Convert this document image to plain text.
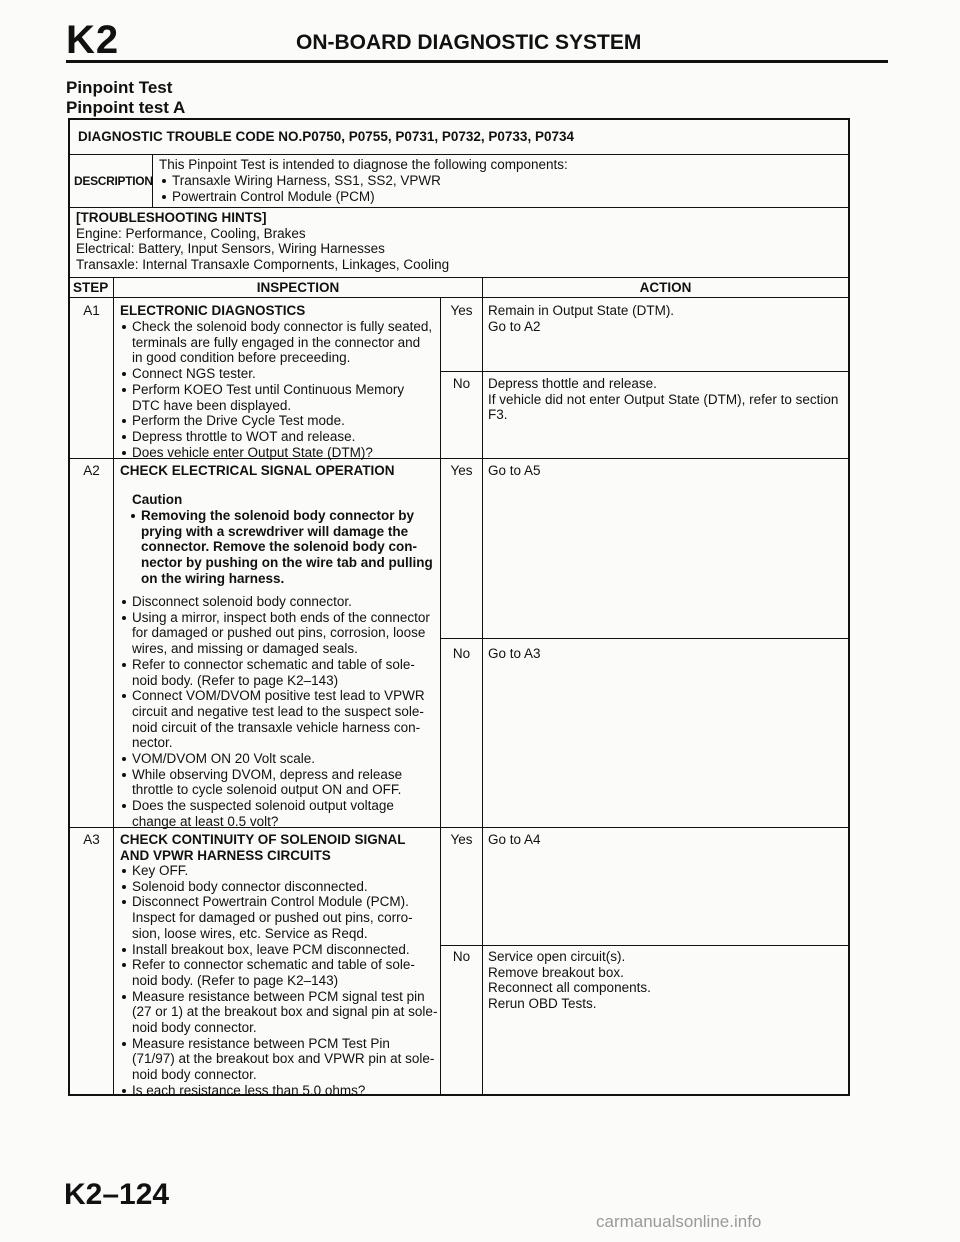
K2	ON-BOARD DIAGNOSTIC SYSTEM
Pinpoint Test
Pinpoint test A
DIAGNOSTIC TROUBLE CODE NO.P0750, P0755, P0731, P0732, P0733, P0734
DESCRIPTION
This Pinpoint Test is intended to diagnose the following components:
Transaxle Wiring Harness, SS1, SS2, VPWR
Powertrain Control Module (PCM)
[TROUBLESHOOTING HINTS]
Engine: Performance, Cooling, Brakes
Electrical: Battery, Input Sensors, Wiring Harnesses
Transaxle: Internal Transaxle Compornents, Linkages, Cooling
STEP	INSPECTION	ACTION
A1	ELECTRONIC DIAGNOSTICS
Check the solenoid body connector is fully seated,
terminals are fully engaged in the connector and
in good condition before preceeding.
Connect NGS tester.
Perform KOEO Test until Continuous Memory
DTC have been displayed.
Perform the Drive Cycle Test mode.
Depress throttle to WOT and release.
Does vehicle enter Output State (DTM)?
Yes	Remain in Output State (DTM).
Go to A2
No	Depress thottle and release.
If vehicle did not enter Output State (DTM), refer to section
F3.
A2	CHECK ELECTRICAL SIGNAL OPERATION
Caution
Removing the solenoid body connector by
prying with a screwdriver will damage the
connector. Remove the solenoid body con-
nector by pushing on the wire tab and pulling
on the wiring harness.
Disconnect solenoid body connector.
Using a mirror, inspect both ends of the connector
for damaged or pushed out pins, corrosion, loose
wires, and missing or damaged seals.
Refer to connector schematic and table of sole-
noid body. (Refer to page K2–143)
Connect VOM/DVOM positive test lead to VPWR
circuit and negative test lead to the suspect sole-
noid circuit of the transaxle vehicle harness con-
nector.
VOM/DVOM ON 20 Volt scale.
While observing DVOM, depress and release
throttle to cycle solenoid output ON and OFF.
Does the suspected solenoid output voltage
change at least 0.5 volt?
Yes	Go to A5
No	Go to A3
A3	CHECK CONTINUITY OF SOLENOID SIGNAL
AND VPWR HARNESS CIRCUITS
Key OFF.
Solenoid body connector disconnected.
Disconnect Powertrain Control Module (PCM).
Inspect for damaged or pushed out pins, corro-
sion, loose wires, etc. Service as Reqd.
Install breakout box, leave PCM disconnected.
Refer to connector schematic and table of sole-
noid body. (Refer to page K2–143)
Measure resistance between PCM signal test pin
(27 or 1) at the breakout box and signal pin at sole-
noid body connector.
Measure resistance between PCM Test Pin
(71/97) at the breakout box and VPWR pin at sole-
noid body connector.
Is each resistance less than 5.0 ohms?
Yes	Go to A4
No	Service open circuit(s).
Remove breakout box.
Reconnect all components.
Rerun OBD Tests.
K2–124
carmanualsonline.info
